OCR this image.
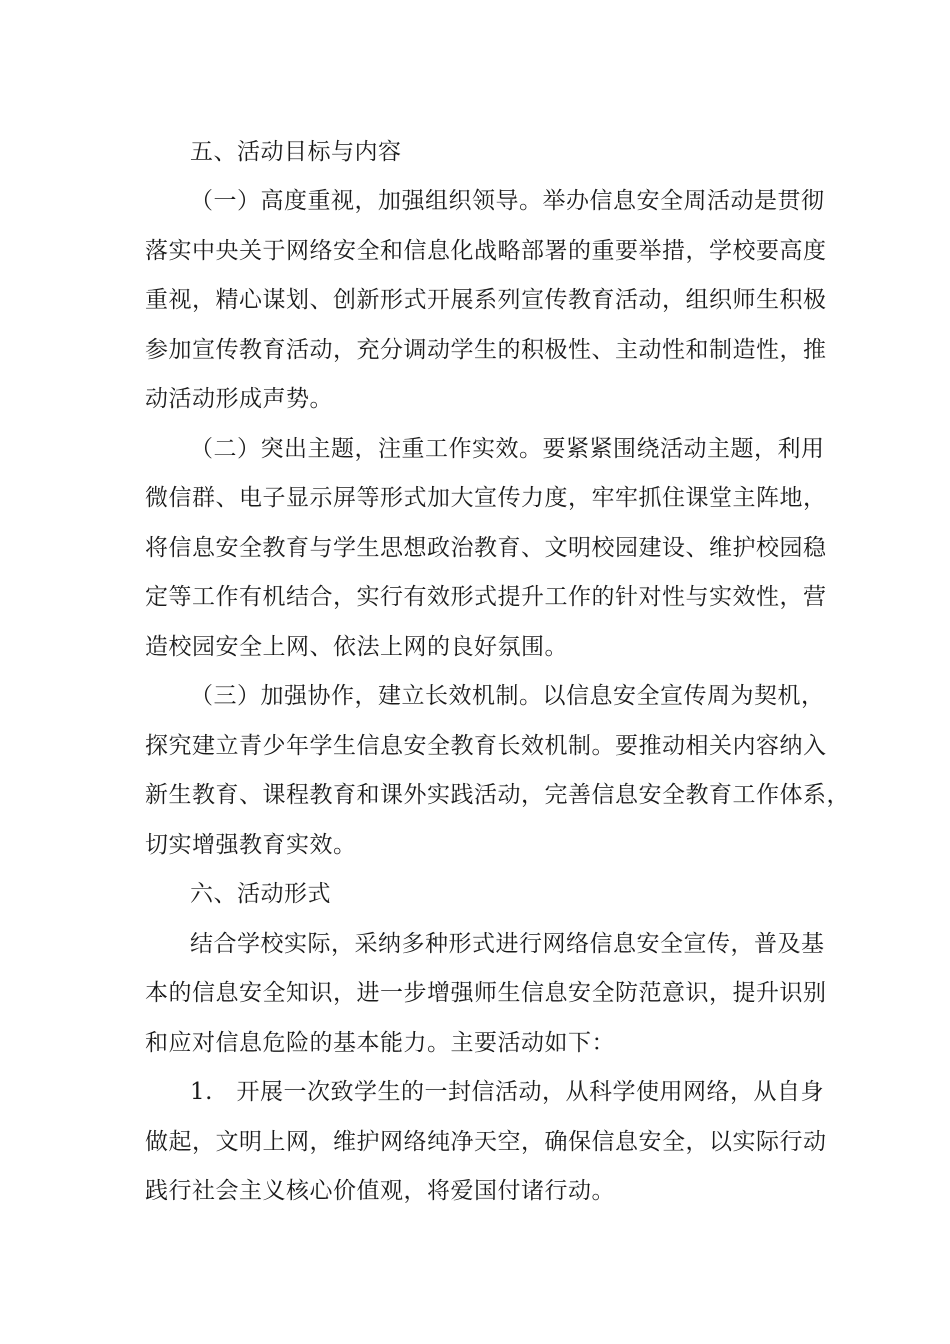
五、活动目标与内容
（一）高度重视，加强组织领导。举办信息安全周活动是贯彻
落实中央关于网络安全和信息化战略部署的重要举措，学校要高度
重视，精心谋划、创新形式开展系列宣传教育活动，组织师生积极
参加宣传教育活动，充分调动学生的积极性、主动性和制造性，推
动活动形成声势。
（二）突出主题，注重工作实效。要紧紧围绕活动主题，利用
微信群、电子显示屏等形式加大宣传力度，牢牢抓住课堂主阵地，
将信息安全教育与学生思想政治教育、文明校园建设、维护校园稳
定等工作有机结合，实行有效形式提升工作的针对性与实效性，营
造校园安全上网、依法上网的良好氛围。
（三）加强协作，建立长效机制。以信息安全宣传周为契机，
探究建立青少年学生信息安全教育长效机制。要推动相关内容纳入
新生教育、课程教育和课外实践活动，完善信息安全教育工作体系，
切实增强教育实效。
六、活动形式
结合学校实际，采纳多种形式进行网络信息安全宣传，普及基
本的信息安全知识，进一步增强师生信息安全防范意识，提升识别
和应对信息危险的基本能力。主要活动如下：
1.　开展一次致学生的一封信活动，从科学使用网络，从自身
做起，文明上网，维护网络纯净天空，确保信息安全，以实际行动
践行社会主义核心价值观，将爱国付诸行动。
